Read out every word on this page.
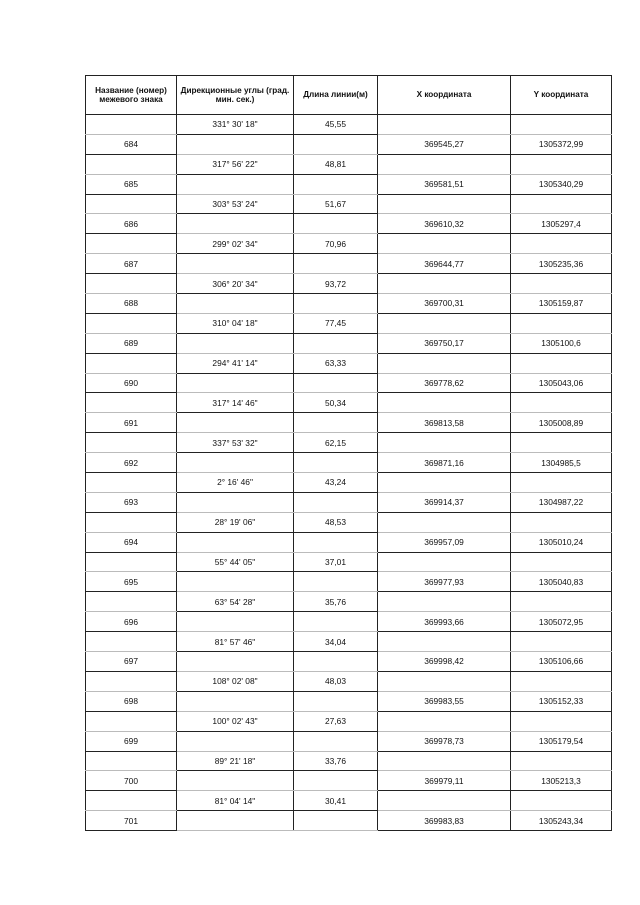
Название (номер) межевого знака	Дирекционные углы (град. мин. сек.)	Длина линии(м)	X координата	Y координата
	331° 30' 18"	45,55		
684			369545,27	1305372,99
	317° 56' 22"	48,81		
685			369581,51	1305340,29
	303° 53' 24"	51,67		
686			369610,32	1305297,4
	299° 02' 34"	70,96		
687			369644,77	1305235,36
	306° 20' 34"	93,72		
688			369700,31	1305159,87
	310° 04' 18"	77,45		
689			369750,17	1305100,6
	294° 41' 14"	63,33		
690			369778,62	1305043,06
	317° 14' 46"	50,34		
691			369813,58	1305008,89
	337° 53' 32"	62,15		
692			369871,16	1304985,5
	2° 16' 46"	43,24		
693			369914,37	1304987,22
	28° 19' 06"	48,53		
694			369957,09	1305010,24
	55° 44' 05"	37,01		
695			369977,93	1305040,83
	63° 54' 28"	35,76		
696			369993,66	1305072,95
	81° 57' 46"	34,04		
697			369998,42	1305106,66
	108° 02' 08"	48,03		
698			369983,55	1305152,33
	100° 02' 43"	27,63		
699			369978,73	1305179,54
	89° 21' 18"	33,76		
700			369979,11	1305213,3
	81° 04' 14"	30,41		
701			369983,83	1305243,34
